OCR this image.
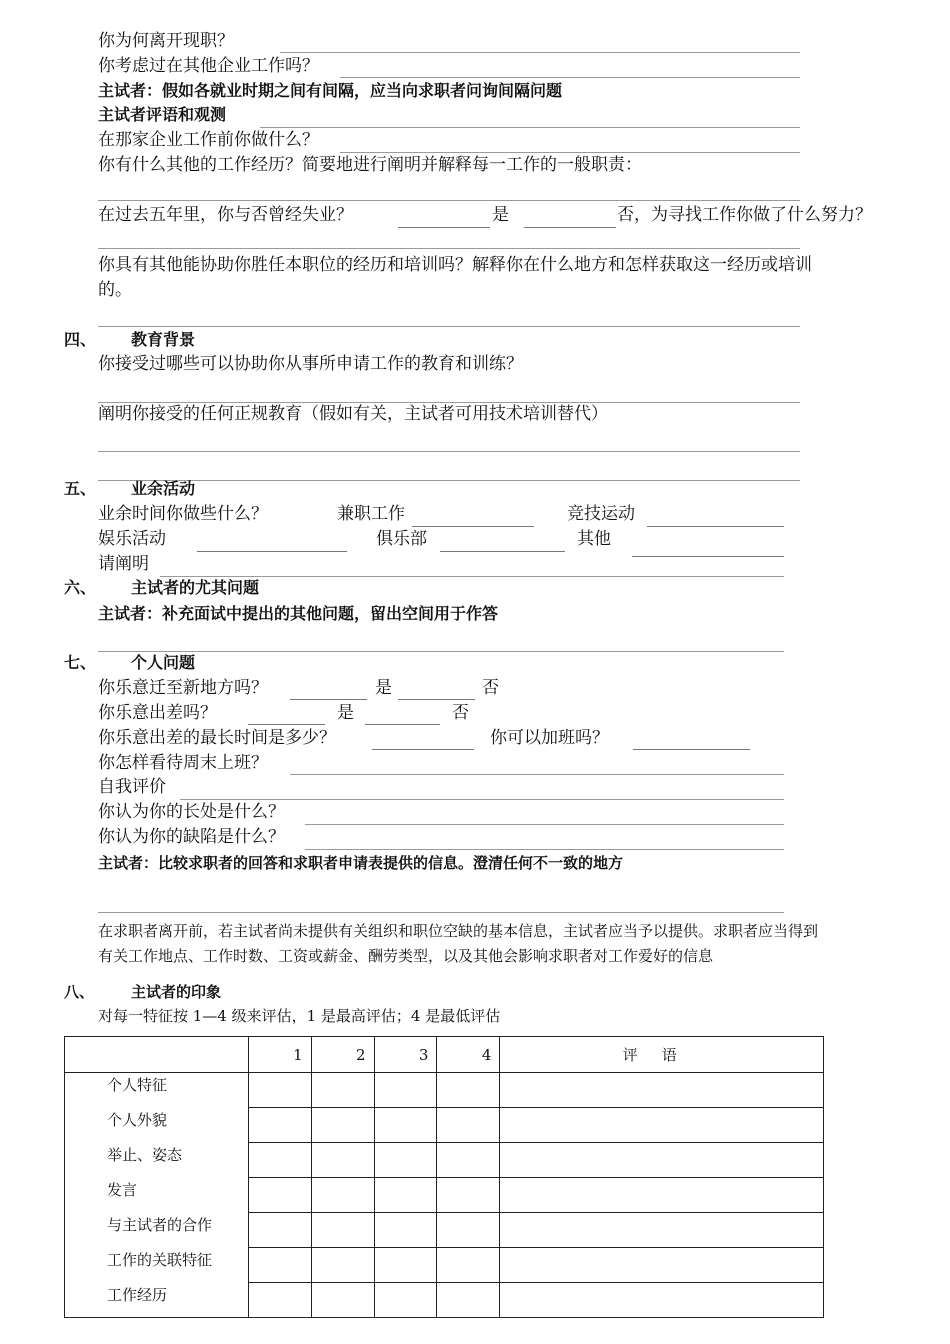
你为何离开现职？
你考虑过在其他企业工作吗？
主试者：假如各就业时期之间有间隔，应当向求职者问询间隔问题
主试者评语和观测
在那家企业工作前你做什么？
你有什么其他的工作经历？简要地进行阐明并解释每一工作的一般职责：
在过去五年里，你与否曾经失业？	是	否，为寻找工作你做了什么努力？
你具有其他能协助你胜任本职位的经历和培训吗？解释你在什么地方和怎样获取这一经历或培训
的。
四、 教育背景
你接受过哪些可以协助你从事所申请工作的教育和训练？
阐明你接受的任何正规教育（假如有关，主试者可用技术培训替代）
五、 业余活动
业余时间你做些什么？	兼职工作	竞技运动
娱乐活动	俱乐部	其他
请阐明
六、 主试者的尤其问题
主试者：补充面试中提出的其他问题，留出空间用于作答
七、 个人问题
你乐意迁至新地方吗？	是	否
你乐意出差吗？	是	否
你乐意出差的最长时间是多少？	你可以加班吗？
你怎样看待周末上班？
自我评价
你认为你的长处是什么？
你认为你的缺陷是什么？
主试者：比较求职者的回答和求职者申请表提供的信息。澄清任何不一致的地方
在求职者离开前，若主试者尚未提供有关组织和职位空缺的基本信息，主试者应当予以提供。求职者应当得到
有关工作地点、工作时数、工资或薪金、酬劳类型，以及其他会影响求职者对工作爱好的信息
八、 主试者的印象
对每一特征按 1—4 级来评估，1 是最高评估；4 是最低评估
	1	2	3	4	评语

个人特征
个人外貌
举止、姿态
发言
与主试者的合作
工作的关联特征
工作经历
